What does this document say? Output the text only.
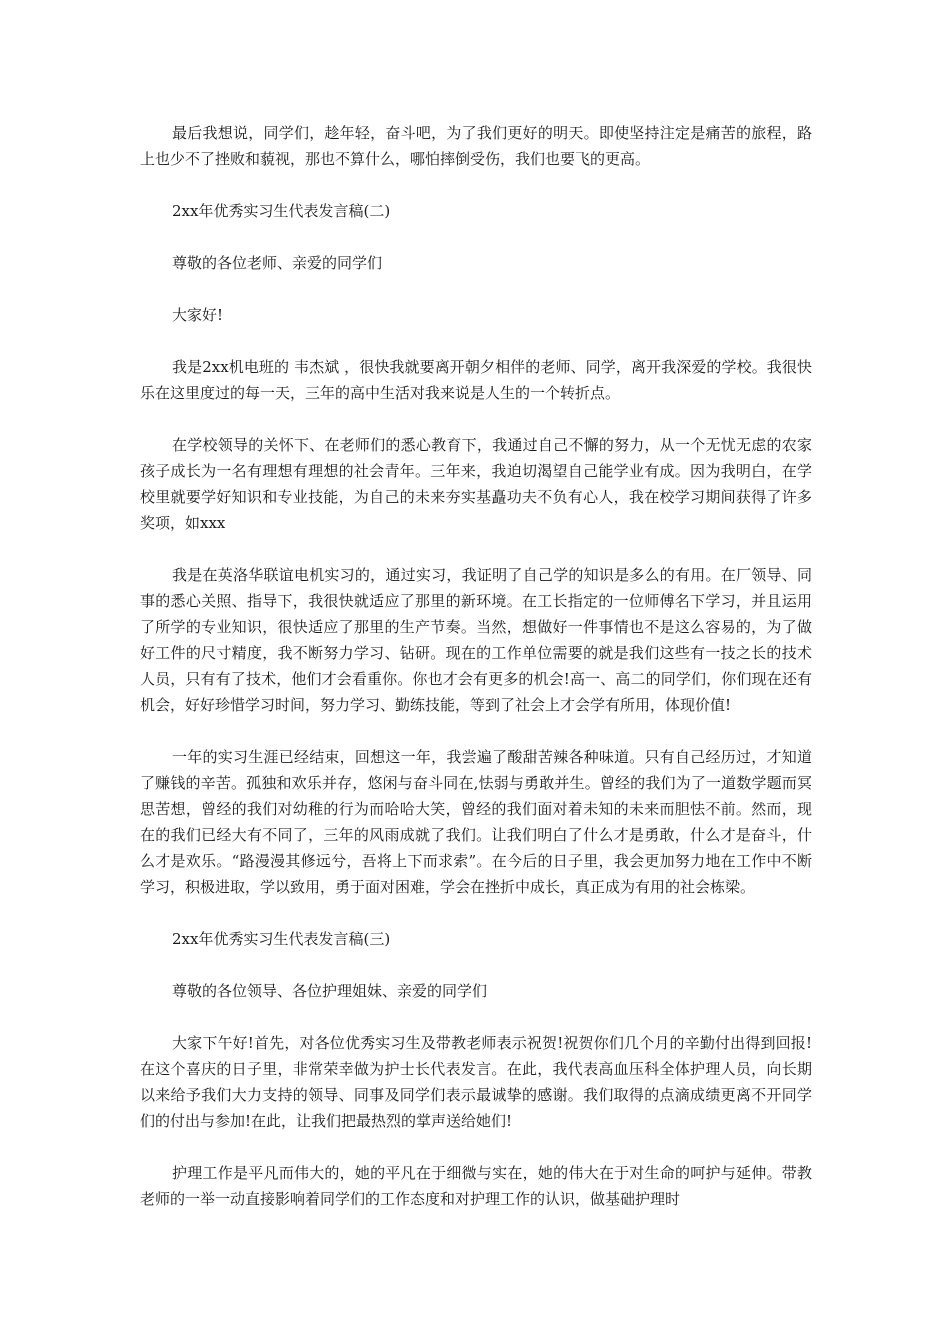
最后我想说，同学们，趁年轻，奋斗吧，为了我们更好的明天。即使坚持注定是痛苦的旅程，路上也少不了挫败和藐视，那也不算什么，哪怕摔倒受伤，我们也要飞的更高。

2xx年优秀实习生代表发言稿(二)

尊敬的各位老师、亲爱的同学们

大家好!

我是2xx机电班的 韦杰斌 ，很快我就要离开朝夕相伴的老师、同学，离开我深爱的学校。我很快乐在这里度过的每一天，三年的高中生活对我来说是人生的一个转折点。

在学校领导的关怀下、在老师们的悉心教育下，我通过自己不懈的努力，从一个无忧无虑的农家孩子成长为一名有理想有理想的社会青年。三年来，我迫切渴望自己能学业有成。因为我明白，在学校里就要学好知识和专业技能，为自己的未来夯实基矗功夫不负有心人，我在校学习期间获得了许多奖项，如xxx

我是在英洛华联谊电机实习的，通过实习，我证明了自己学的知识是多么的有用。在厂领导、同事的悉心关照、指导下，我很快就适应了那里的新环境。在工长指定的一位师傅名下学习，并且运用了所学的专业知识，很快适应了那里的生产节奏。当然，想做好一件事情也不是这么容易的，为了做好工件的尺寸精度，我不断努力学习、钻研。现在的工作单位需要的就是我们这些有一技之长的技术人员，只有有了技术，他们才会看重你。你也才会有更多的机会!高一、高二的同学们，你们现在还有机会，好好珍惜学习时间，努力学习、勤练技能，等到了社会上才会学有所用，体现价值!

一年的实习生涯已经结束，回想这一年，我尝遍了酸甜苦辣各种味道。只有自己经历过，才知道了赚钱的辛苦。孤独和欢乐并存，悠闲与奋斗同在,怯弱与勇敢并生。曾经的我们为了一道数学题而冥思苦想，曾经的我们对幼稚的行为而哈哈大笑，曾经的我们面对着未知的未来而胆怯不前。然而，现在的我们已经大有不同了，三年的风雨成就了我们。让我们明白了什么才是勇敢，什么才是奋斗，什么才是欢乐。“路漫漫其修远兮，吾将上下而求索”。在今后的日子里，我会更加努力地在工作中不断学习，积极进取，学以致用，勇于面对困难，学会在挫折中成长，真正成为有用的社会栋梁。

2xx年优秀实习生代表发言稿(三)

尊敬的各位领导、各位护理姐妹、亲爱的同学们

大家下午好!首先，对各位优秀实习生及带教老师表示祝贺!祝贺你们几个月的辛勤付出得到回报!在这个喜庆的日子里，非常荣幸做为护士长代表发言。在此，我代表高血压科全体护理人员，向长期以来给予我们大力支持的领导、同事及同学们表示最诚挚的感谢。我们取得的点滴成绩更离不开同学们的付出与参加!在此，让我们把最热烈的掌声送给她们!

护理工作是平凡而伟大的，她的平凡在于细微与实在，她的伟大在于对生命的呵护与延伸。带教老师的一举一动直接影响着同学们的工作态度和对护理工作的认识，做基础护理时
